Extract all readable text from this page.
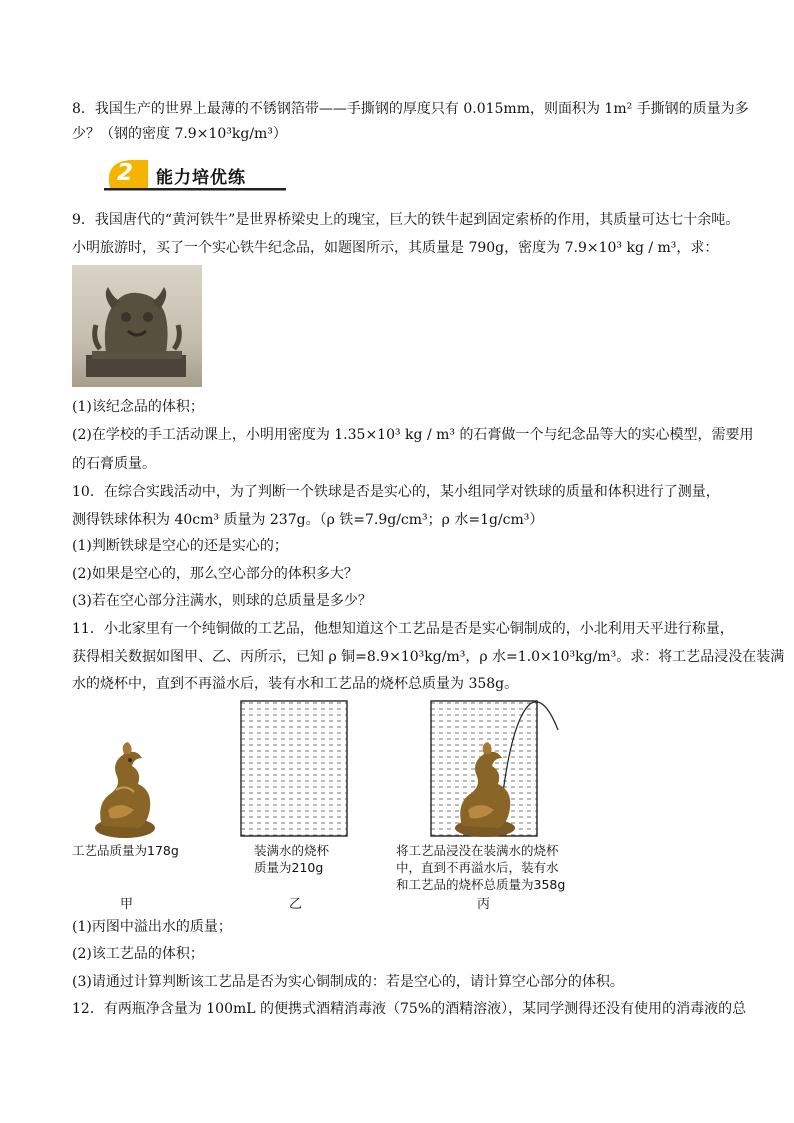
8．我国生产的世界上最薄的不锈钢箔带——手撕钢的厚度只有 0.015mm，则面积为 1m² 手撕钢的质量为多
少？（钢的密度 7.9×10³kg/m³）
2 能力培优练
9．我国唐代的“黄河铁牛”是世界桥梁史上的瑰宝，巨大的铁牛起到固定索桥的作用，其质量可达七十余吨。
小明旅游时，买了一个实心铁牛纪念品，如题图所示，其质量是 790g，密度为 7.9×10³ kg / m³，求：
(1)该纪念品的体积；
(2)在学校的手工活动课上，小明用密度为 1.35×10³ kg / m³ 的石膏做一个与纪念品等大的实心模型，需要用
的石膏质量。
10．在综合实践活动中，为了判断一个铁球是否是实心的，某小组同学对铁球的质量和体积进行了测量，
测得铁球体积为 40cm³ 质量为 237g。（ρ 铁=7.9g/cm³；ρ 水=1g/cm³）
(1)判断铁球是空心的还是实心的；
(2)如果是空心的，那么空心部分的体积多大？
(3)若在空心部分注满水，则球的总质量是多少？
11．小北家里有一个纯铜做的工艺品，他想知道这个工艺品是否是实心铜制成的，小北利用天平进行称量，
获得相关数据如图甲、乙、丙所示，已知 ρ 铜=8.9×10³kg/m³，ρ 水=1.0×10³kg/m³。求：将工艺品浸没在装满
水的烧杯中，直到不再溢水后，装有水和工艺品的烧杯总质量为 358g。
工艺品质量为178g	装满水的烧杯
质量为210g
将工艺品浸没在装满水的烧杯
中，直到不再溢水后，装有水
和工艺品的烧杯总质量为358g
甲	乙	丙
(1)丙图中溢出水的质量；
(2)该工艺品的体积；
(3)请通过计算判断该工艺品是否为实心铜制成的：若是空心的，请计算空心部分的体积。
12．有两瓶净含量为 100mL 的便携式酒精消毒液（75%的酒精溶液），某同学测得还没有使用的消毒液的总
